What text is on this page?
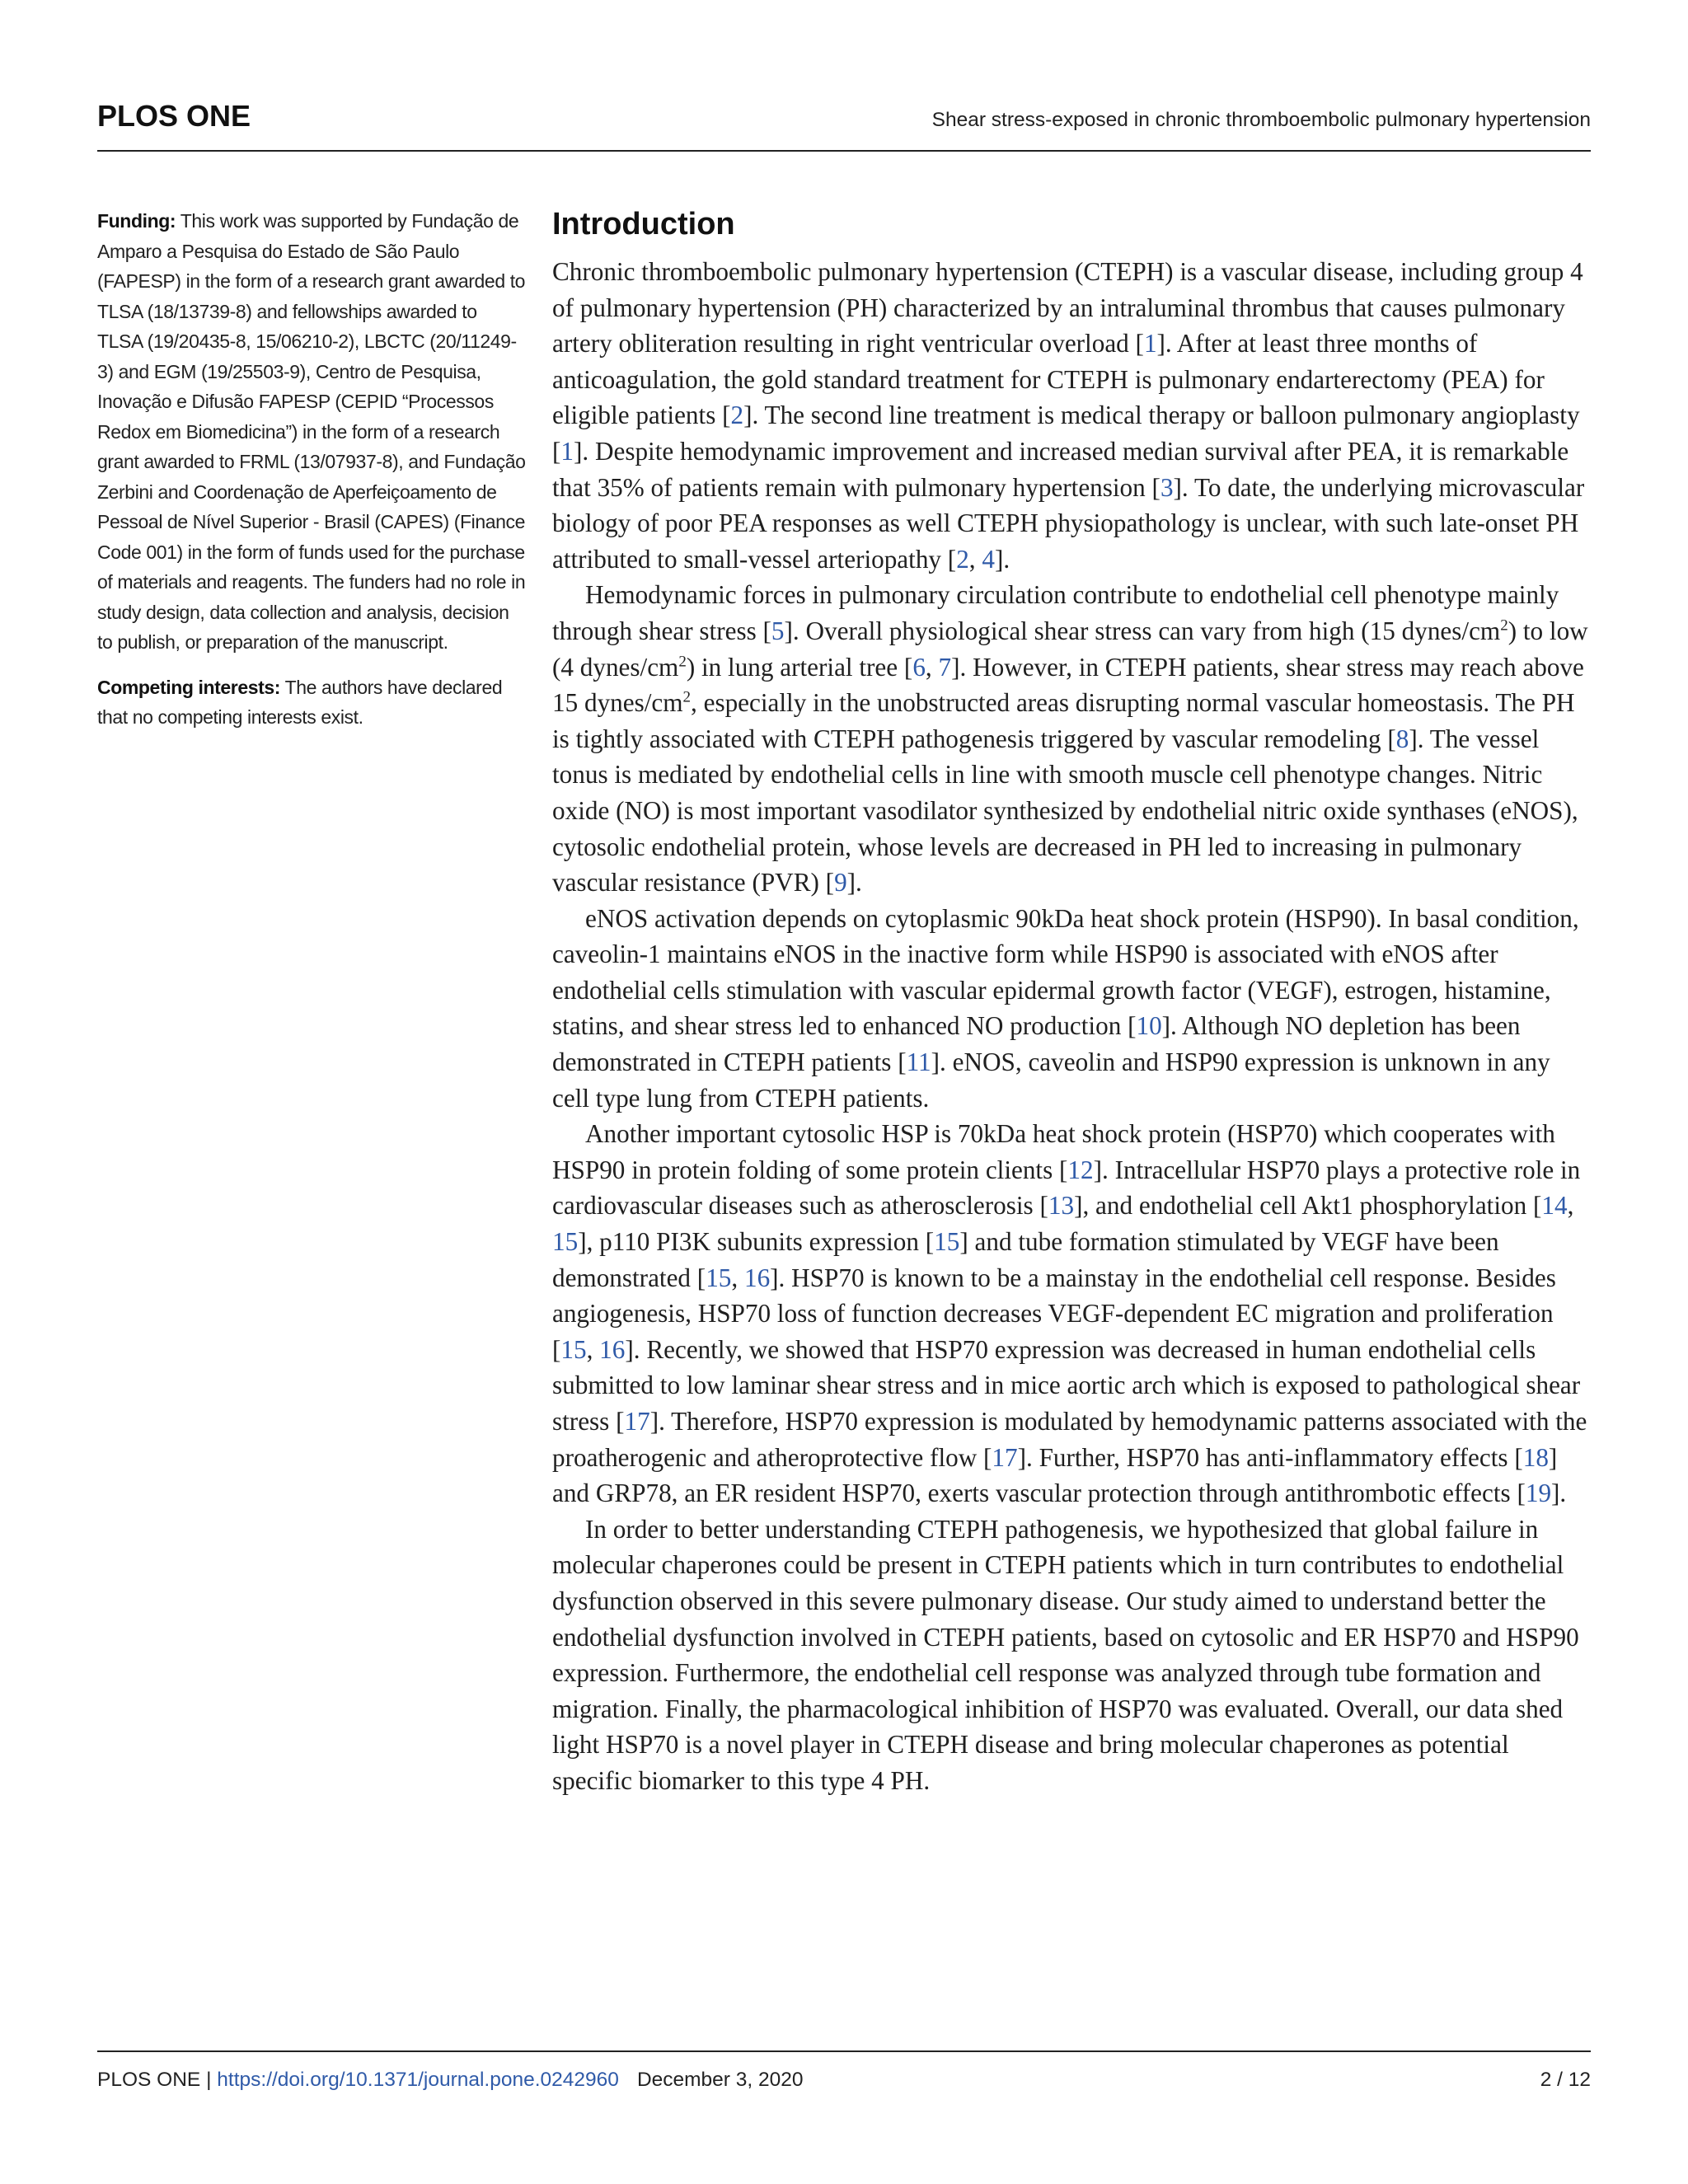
PLOS ONE	Shear stress-exposed in chronic thromboembolic pulmonary hypertension

Funding: This work was supported by Fundação de Amparo a Pesquisa do Estado de São Paulo (FAPESP) in the form of a research grant awarded to TLSA (18/13739-8) and fellowships awarded to TLSA (19/20435-8, 15/06210-2), LBCTC (20/11249-3) and EGM (19/25503-9), Centro de Pesquisa, Inovação e Difusão FAPESP (CEPID “Processos Redox em Biomedicina”) in the form of a research grant awarded to FRML (13/07937-8), and Fundação Zerbini and Coordenação de Aperfeiçoamento de Pessoal de Nível Superior - Brasil (CAPES) (Finance Code 001) in the form of funds used for the purchase of materials and reagents. The funders had no role in study design, data collection and analysis, decision to publish, or preparation of the manuscript.

Competing interests: The authors have declared that no competing interests exist.

Introduction

Chronic thromboembolic pulmonary hypertension (CTEPH) is a vascular disease, including group 4 of pulmonary hypertension (PH) characterized by an intraluminal thrombus that causes pulmonary artery obliteration resulting in right ventricular overload [1]. After at least three months of anticoagulation, the gold standard treatment for CTEPH is pulmonary endarterectomy (PEA) for eligible patients [2]. The second line treatment is medical therapy or balloon pulmonary angioplasty [1]. Despite hemodynamic improvement and increased median survival after PEA, it is remarkable that 35% of patients remain with pulmonary hypertension [3]. To date, the underlying microvascular biology of poor PEA responses as well CTEPH physiopathology is unclear, with such late-onset PH attributed to small-vessel arteriopathy [2, 4].

Hemodynamic forces in pulmonary circulation contribute to endothelial cell phenotype mainly through shear stress [5]. Overall physiological shear stress can vary from high (15 dynes/$cm^2$) to low (4 dynes/$cm^2$) in lung arterial tree [6, 7]. However, in CTEPH patients, shear stress may reach above 15 dynes/$cm^2$, especially in the unobstructed areas disrupting normal vascular homeostasis. The PH is tightly associated with CTEPH pathogenesis triggered by vascular remodeling [8]. The vessel tonus is mediated by endothelial cells in line with smooth muscle cell phenotype changes. Nitric oxide (NO) is most important vasodilator synthesized by endothelial nitric oxide synthases (eNOS), cytosolic endothelial protein, whose levels are decreased in PH led to increasing in pulmonary vascular resistance (PVR) [9].

eNOS activation depends on cytoplasmic 90kDa heat shock protein (HSP90). In basal condition, caveolin-1 maintains eNOS in the inactive form while HSP90 is associated with eNOS after endothelial cells stimulation with vascular epidermal growth factor (VEGF), estrogen, histamine, statins, and shear stress led to enhanced NO production [10]. Although NO depletion has been demonstrated in CTEPH patients [11]. eNOS, caveolin and HSP90 expression is unknown in any cell type lung from CTEPH patients.

Another important cytosolic HSP is 70kDa heat shock protein (HSP70) which cooperates with HSP90 in protein folding of some protein clients [12]. Intracellular HSP70 plays a protective role in cardiovascular diseases such as atherosclerosis [13], and endothelial cell Akt1 phosphorylation [14, 15], p110 PI3K subunits expression [15] and tube formation stimulated by VEGF have been demonstrated [15, 16]. HSP70 is known to be a mainstay in the endothelial cell response. Besides angiogenesis, HSP70 loss of function decreases VEGF-dependent EC migration and proliferation [15, 16]. Recently, we showed that HSP70 expression was decreased in human endothelial cells submitted to low laminar shear stress and in mice aortic arch which is exposed to pathological shear stress [17]. Therefore, HSP70 expression is modulated by hemodynamic patterns associated with the proatherogenic and atheroprotective flow [17]. Further, HSP70 has anti-inflammatory effects [18] and GRP78, an ER resident HSP70, exerts vascular protection through antithrombotic effects [19].

In order to better understanding CTEPH pathogenesis, we hypothesized that global failure in molecular chaperones could be present in CTEPH patients which in turn contributes to endothelial dysfunction observed in this severe pulmonary disease. Our study aimed to understand better the endothelial dysfunction involved in CTEPH patients, based on cytosolic and ER HSP70 and HSP90 expression. Furthermore, the endothelial cell response was analyzed through tube formation and migration. Finally, the pharmacological inhibition of HSP70 was evaluated. Overall, our data shed light HSP70 is a novel player in CTEPH disease and bring molecular chaperones as potential specific biomarker to this type 4 PH.

PLOS ONE | https://doi.org/10.1371/journal.pone.0242960 December 3, 2020	2 / 12
